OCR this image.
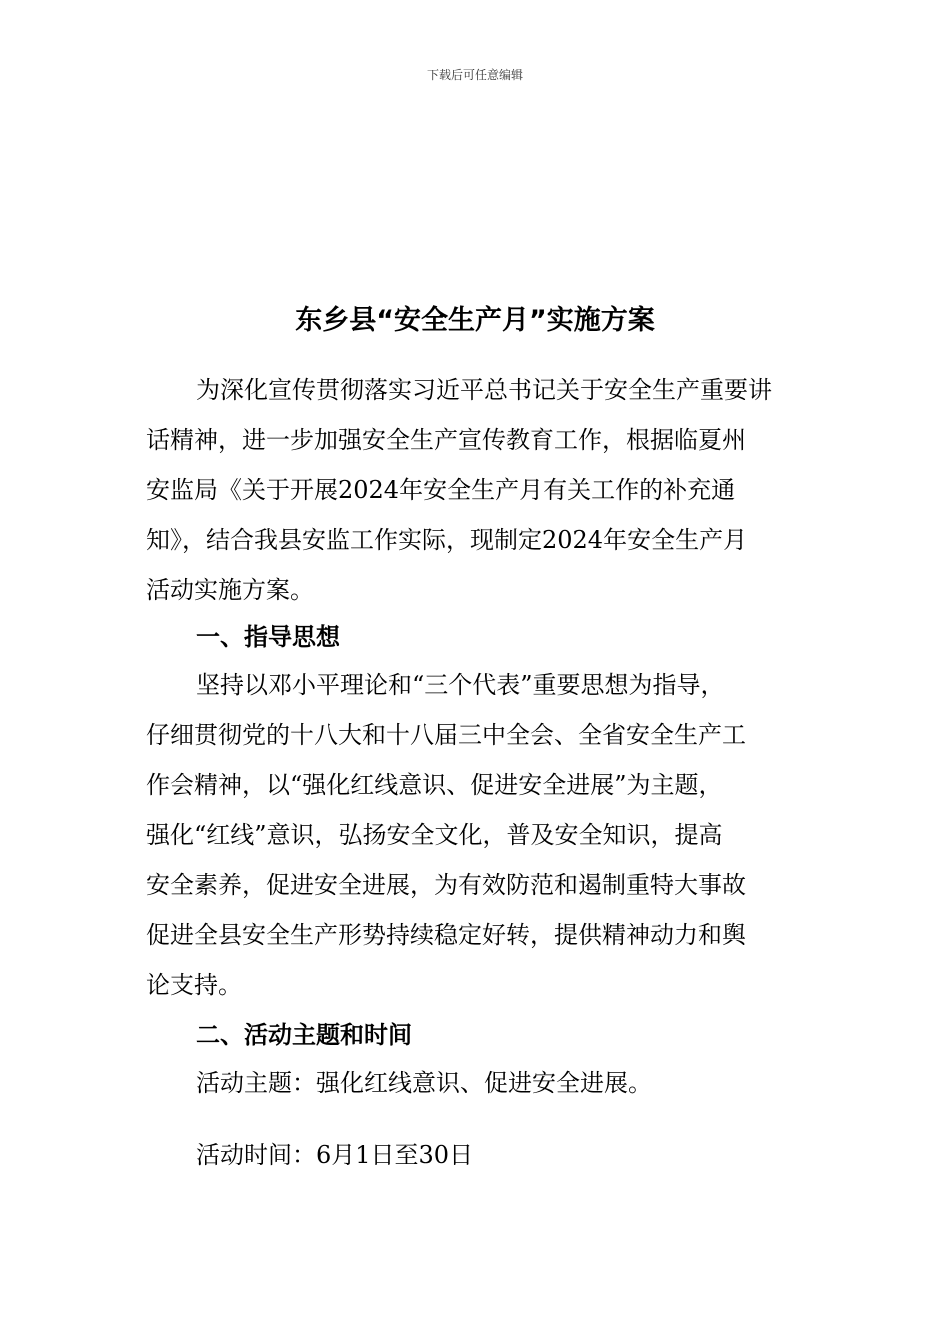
下载后可任意编辑
东乡县“安全生产月”实施方案
为深化宣传贯彻落实习近平总书记关于安全生产重要讲
话精神，进一步加强安全生产宣传教育工作，根据临夏州
安监局《关于开展2024年安全生产月有关工作的补充通
知》，结合我县安监工作实际，现制定2024年安全生产月
活动实施方案。
一、指导思想
坚持以邓小平理论和“三个代表”重要思想为指导，
仔细贯彻党的十八大和十八届三中全会、全省安全生产工
作会精神，以“强化红线意识、促进安全进展”为主题，
强化“红线”意识，弘扬安全文化，普及安全知识，提高
安全素养，促进安全进展，为有效防范和遏制重特大事故
促进全县安全生产形势持续稳定好转，提供精神动力和舆
论支持。
二、活动主题和时间

活动主题：强化红线意识、促进安全进展。

活动时间：6月1日至30日
